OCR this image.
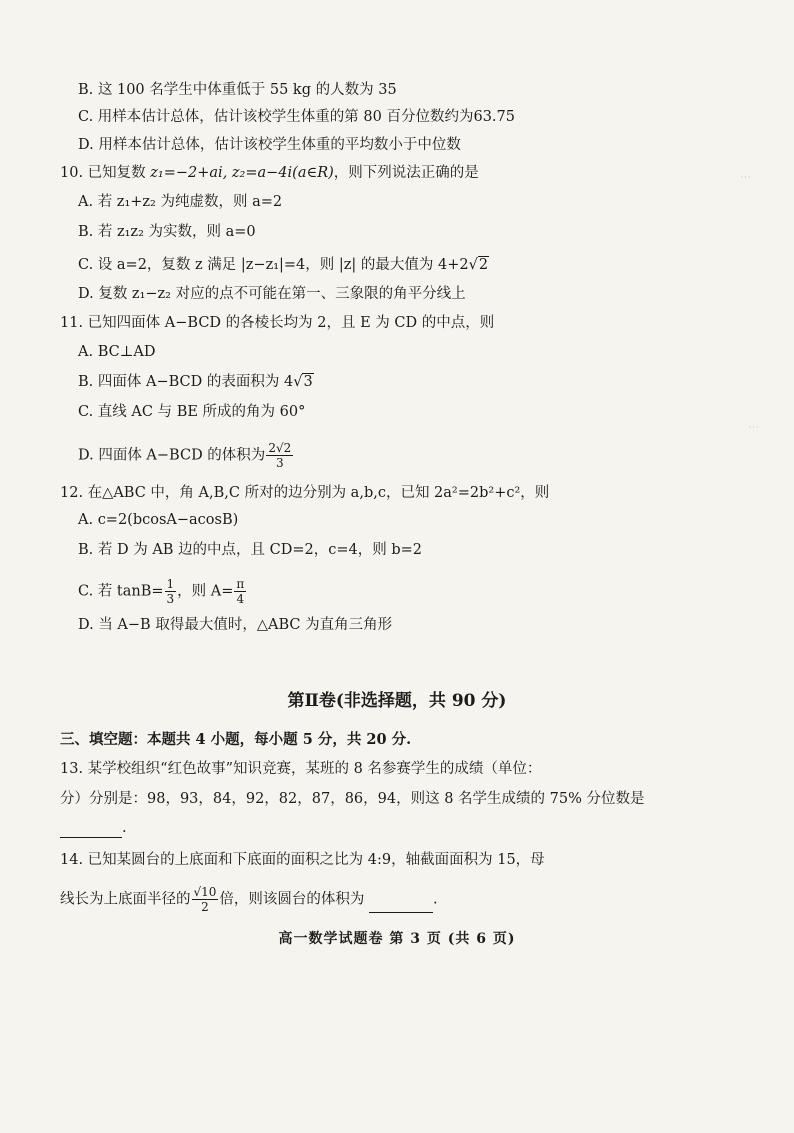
⋯
⋯
B. 这 100 名学生中体重低于 55 kg 的人数为 35
C. 用样本估计总体，估计该校学生体重的第 80 百分位数约为63.75
D. 用样本估计总体，估计该校学生体重的平均数小于中位数
10. 已知复数 z₁=−2+ai, z₂=a−4i(a∈R)，则下列说法正确的是
A. 若 z₁+z₂ 为纯虚数，则 a=2
B. 若 z₁z₂ 为实数，则 a=0
C. 设 a=2，复数 z 满足 |z−z₁|=4，则 |z| 的最大值为 4+2√2
D. 复数 z₁−z₂ 对应的点不可能在第一、三象限的角平分线上
11. 已知四面体 A−BCD 的各棱长均为 2，且 E 为 CD 的中点，则
A. BC⊥AD
B. 四面体 A−BCD 的表面积为 4√3
C. 直线 AC 与 BE 所成的角为 60°
D. 四面体 A−BCD 的体积为 $\frac{2√2}{3}$
12. 在△ABC 中，角 A,B,C 所对的边分别为 a,b,c，已知 2a²=2b²+c²，则
A. c=2(bcosA−acosB)
B. 若 D 为 AB 边的中点，且 CD=2，c=4，则 b=2
C. 若 $\tan B= \frac{1}{3}$ ，则 $A= \frac{\pi}{4}$
D. 当 A−B 取得最大值时，△ABC 为直角三角形
第Ⅱ卷(非选择题，共 90 分)
三、填空题：本题共 4 小题，每小题 5 分，共 20 分.
13. 某学校组织“红色故事”知识竞赛，某班的 8 名参赛学生的成绩（单位：
分）分别是：98，93，84，92，82，87，86，94，则这 8 名学生成绩的 75% 分位数是
.
14. 已知某圆台的上底面和下底面的面积之比为 4:9，轴截面面积为 15，母
线长为上底面半径的 $\frac{√10}{2}$ 倍，则该圆台的体积为	.
高一数学试题卷 第 3 页 (共 6 页)
